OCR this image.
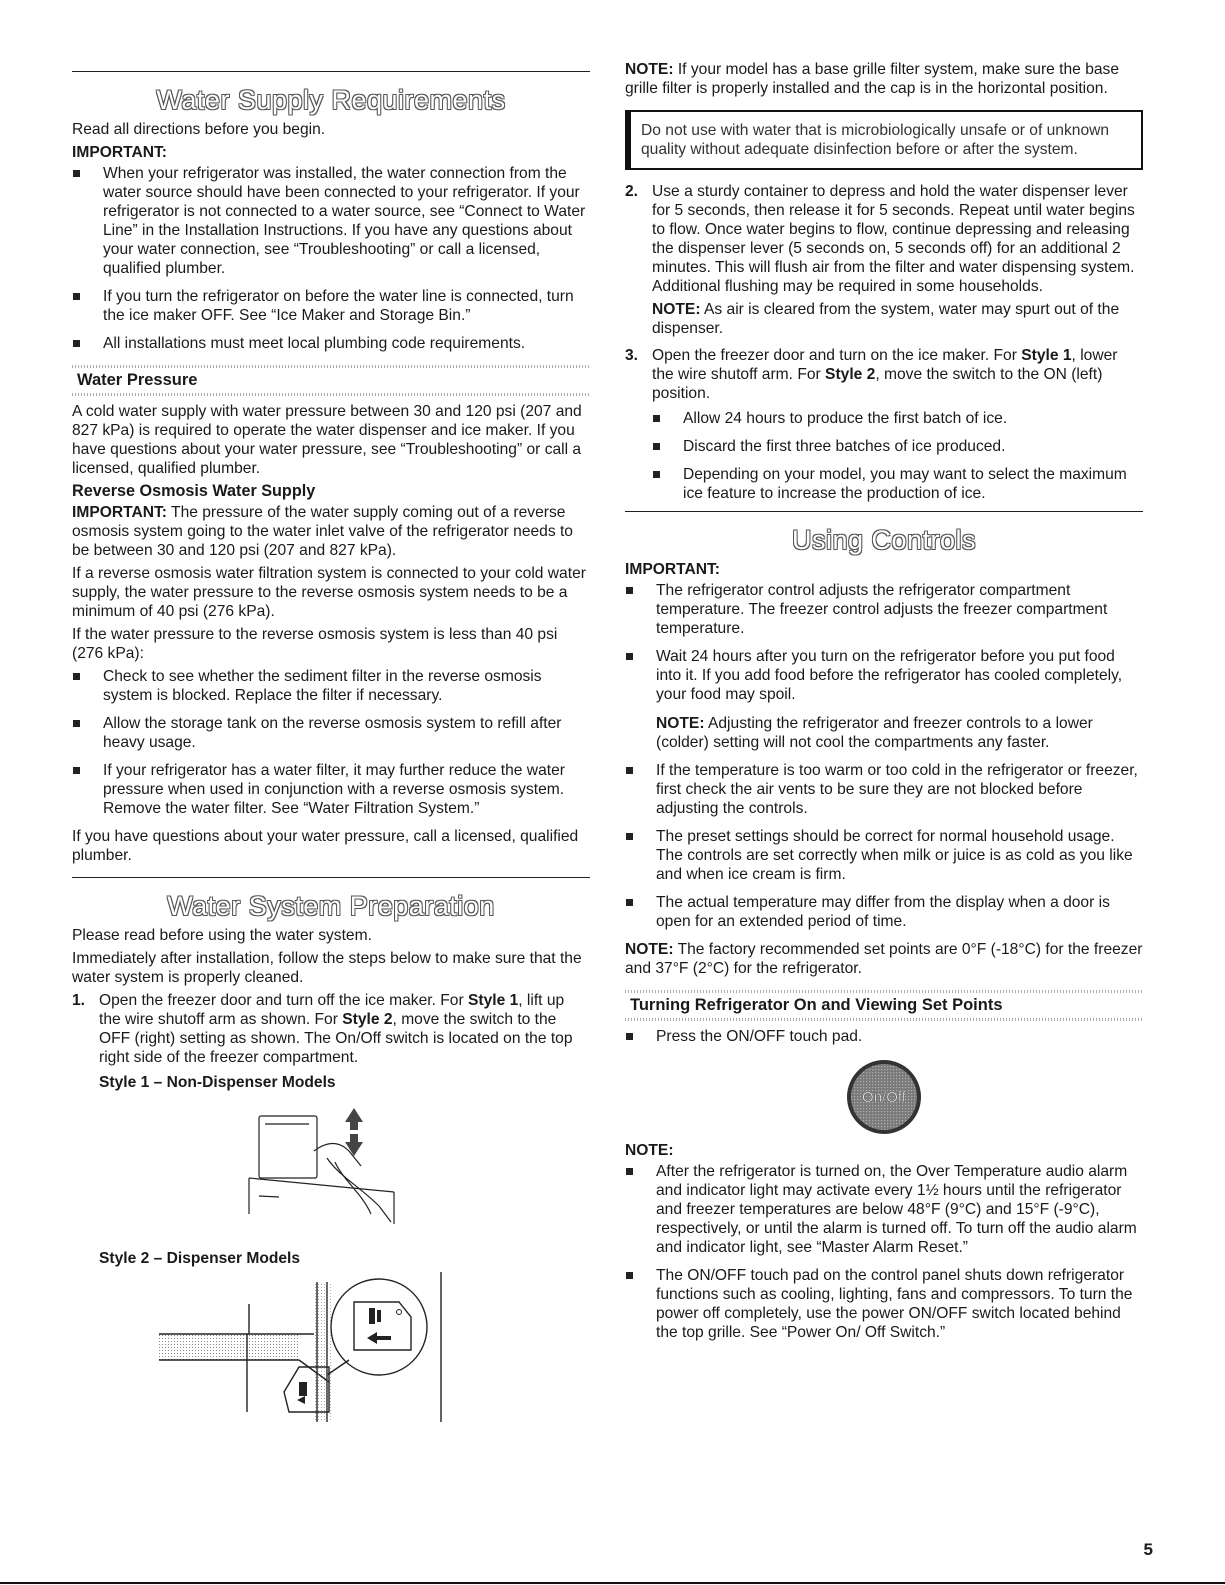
Water Supply Requirements

Read all directions before you begin.

IMPORTANT:
When your refrigerator was installed, the water connection from the water source should have been connected to your refrigerator. If your refrigerator is not connected to a water source, see “Connect to Water Line” in the Installation Instructions. If you have any questions about your water connection, see “Troubleshooting” or call a licensed, qualified plumber.
If you turn the refrigerator on before the water line is connected, turn the ice maker OFF. See “Ice Maker and Storage Bin.”
All installations must meet local plumbing code requirements.
Water Pressure

A cold water supply with water pressure between 30 and 120 psi (207 and 827 kPa) is required to operate the water dispenser and ice maker. If you have questions about your water pressure, see “Troubleshooting” or call a licensed, qualified plumber.

Reverse Osmosis Water Supply

IMPORTANT: The pressure of the water supply coming out of a reverse osmosis system going to the water inlet valve of the refrigerator needs to be between 30 and 120 psi (207 and 827 kPa).

If a reverse osmosis water filtration system is connected to your cold water supply, the water pressure to the reverse osmosis system needs to be a minimum of 40 psi (276 kPa).

If the water pressure to the reverse osmosis system is less than 40 psi (276 kPa):

Check to see whether the sediment filter in the reverse osmosis system is blocked. Replace the filter if necessary.
Allow the storage tank on the reverse osmosis system to refill after heavy usage.
If your refrigerator has a water filter, it may further reduce the water pressure when used in conjunction with a reverse osmosis system. Remove the water filter. See “Water Filtration System.”

If you have questions about your water pressure, call a licensed, qualified plumber.

Water System Preparation

Please read before using the water system.

Immediately after installation, follow the steps below to make sure that the water system is properly cleaned.

1. Open the freezer door and turn off the ice maker. For Style 1, lift up the wire shutoff arm as shown. For Style 2, move the switch to the OFF (right) setting as shown. The On/Off switch is located on the top right side of the freezer compartment.
Style 1 – Non-Dispenser Models
Style 2 – Dispenser Models

NOTE: If your model has a base grille filter system, make sure the base grille filter is properly installed and the cap is in the horizontal position.

Do not use with water that is microbiologically unsafe or of unknown quality without adequate disinfection before or after the system.
2. Use a sturdy container to depress and hold the water dispenser lever for 5 seconds, then release it for 5 seconds. Repeat until water begins to flow. Once water begins to flow, continue depressing and releasing the dispenser lever (5 seconds on, 5 seconds off) for an additional 2 minutes. This will flush air from the filter and water dispensing system. Additional flushing may be required in some households.

NOTE: As air is cleared from the system, water may spurt out of the dispenser.

3. Open the freezer door and turn on the ice maker. For Style 1, lower the wire shutoff arm. For Style 2, move the switch to the ON (left) position.
Allow 24 hours to produce the first batch of ice.
Discard the first three batches of ice produced.
Depending on your model, you may want to select the maximum ice feature to increase the production of ice.
Using Controls
IMPORTANT:
The refrigerator control adjusts the refrigerator compartment temperature. The freezer control adjusts the freezer compartment temperature.
Wait 24 hours after you turn on the refrigerator before you put food into it. If you add food before the refrigerator has cooled completely, your food may spoil.

NOTE: Adjusting the refrigerator and freezer controls to a lower (colder) setting will not cool the compartments any faster.

If the temperature is too warm or too cold in the refrigerator or freezer, first check the air vents to be sure they are not blocked before adjusting the controls.
The preset settings should be correct for normal household usage. The controls are set correctly when milk or juice is as cold as you like and when ice cream is firm.
The actual temperature may differ from the display when a door is open for an extended period of time.

NOTE: The factory recommended set points are 0°F (-18°C) for the freezer and 37°F (2°C) for the refrigerator.

Turning Refrigerator On and Viewing Set Points
Press the ON/OFF touch pad.
On/Off
NOTE:
After the refrigerator is turned on, the Over Temperature audio alarm and indicator light may activate every 1½ hours until the refrigerator and freezer temperatures are below 48°F (9°C) and 15°F (-9°C), respectively, or until the alarm is turned off. To turn off the audio alarm and indicator light, see “Master Alarm Reset.”
The ON/OFF touch pad on the control panel shuts down refrigerator functions such as cooling, lighting, fans and compressors. To turn the power off completely, use the power ON/OFF switch located behind the top grille. See “Power On/ Off Switch.”
5
